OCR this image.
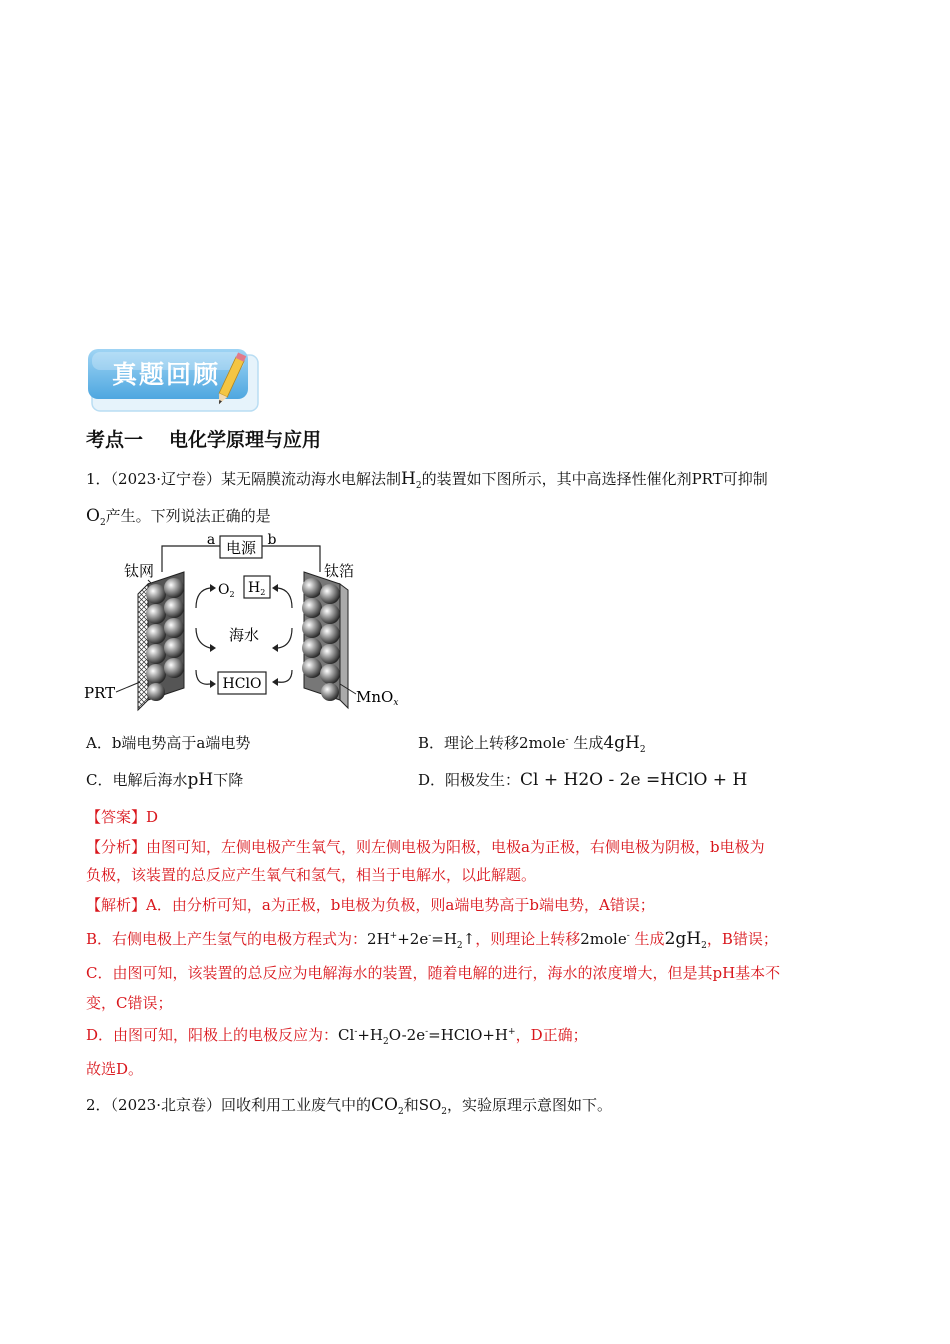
真题回顾
考点一 电化学原理与应用
1．（2023·辽宁卷）某无隔膜流动海水电解法制$H_2$的装置如下图所示，其中高选择性催化剂PRT可抑制
$O_2$产生。下列说法正确的是
电源
a	b
钛网	钛箔
$O_2$ $H_2$
海水
HClO
PRT	MnO$_x$
A．b端电势高于a端电势	B．理论上转移2mole- 生成$4gH_2$
C．电解后海水pH下降	D．阳极发生：Cl + H2O - 2e =HClO + H
【答案】D
【分析】由图可知，左侧电极产生氧气，则左侧电极为阳极，电极a为正极，右侧电极为阴极，b电极为
负极，该装置的总反应产生氧气和氢气，相当于电解水，以此解题。
【解析】A．由分析可知，a为正极，b电极为负极，则a端电势高于b端电势，A错误；
B．右侧电极上产生氢气的电极方程式为：$2H^++2e^-=H_2↑$，则理论上转移2mole- 生成$2gH_2$，B错误；
C．由图可知，该装置的总反应为电解海水的装置，随着电解的进行，海水的浓度增大，但是其pH基本不
变，C错误；
D．由图可知，阳极上的电极反应为：$Cl^-+H_2O-2e^-=HClO+H^+$，D正确；
故选D。
2．（2023·北京卷）回收利用工业废气中的$CO_2$和$SO_2$，实验原理示意图如下。
